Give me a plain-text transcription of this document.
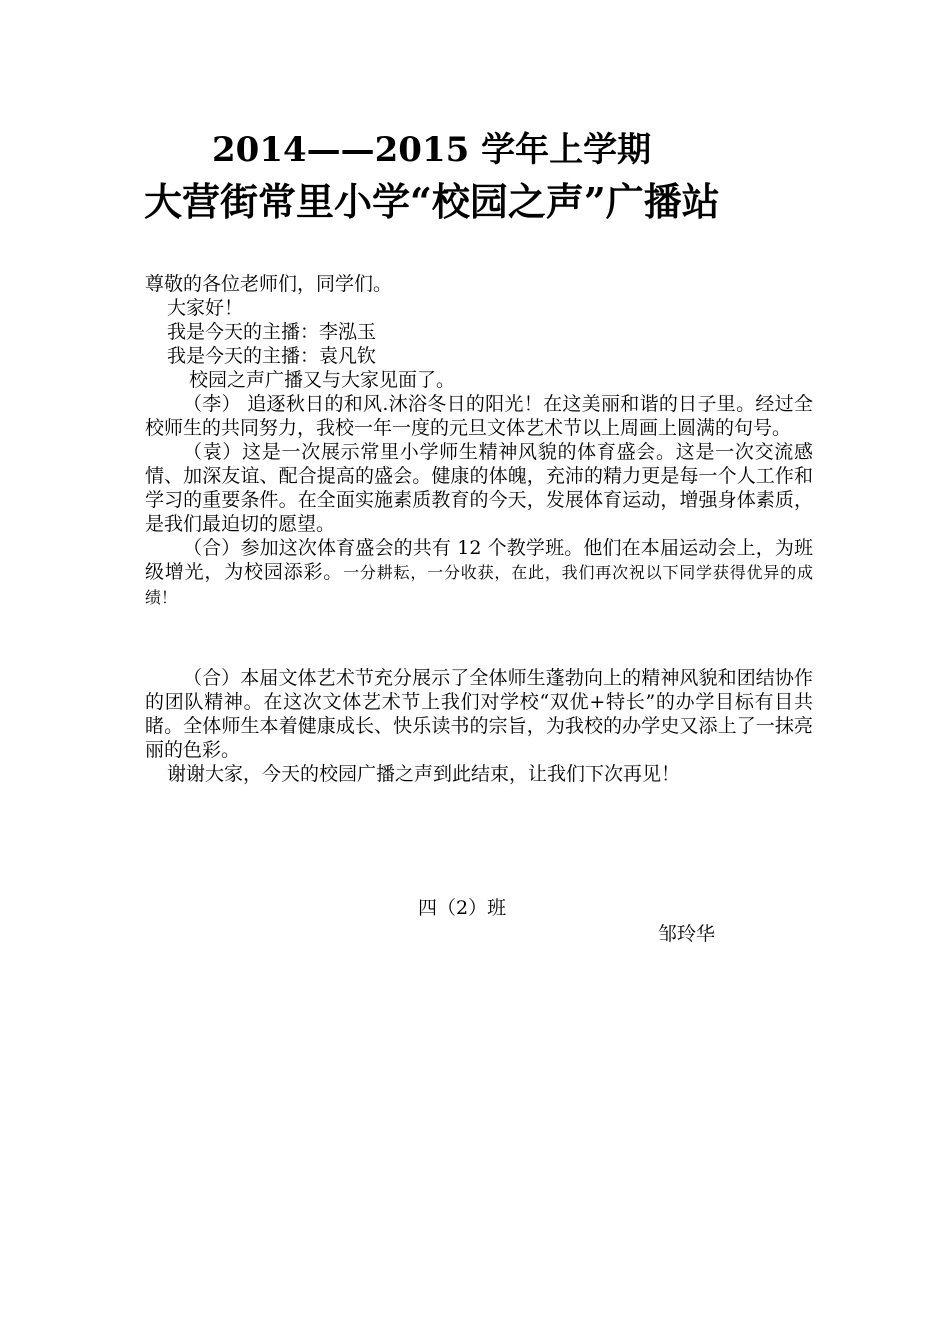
2014——2015 学年上学期
大营街常里小学“校园之声”广播站
尊敬的各位老师们，同学们。
大家好！
我是今天的主播：李泓玉
我是今天的主播：袁凡钦
校园之声广播又与大家见面了。

（李） 追逐秋日的和风.沐浴冬日的阳光！在这美丽和谐的日子里。经过全校师生的共同努力，我校一年一度的元旦文体艺术节以上周画上圆满的句号。

（袁）这是一次展示常里小学师生精神风貌的体育盛会。这是一次交流感情、加深友谊、配合提高的盛会。健康的体魄，充沛的精力更是每一个人工作和学习的重要条件。在全面实施素质教育的今天，发展体育运动，增强身体素质，是我们最迫切的愿望。

（合）参加这次体育盛会的共有 12 个教学班。他们在本届运动会上，为班级增光，为校园添彩。一分耕耘，一分收获，在此，我们再次祝以下同学获得优异的成绩！

（合）本届文体艺术节充分展示了全体师生蓬勃向上的精神风貌和团结协作的团队精神。在这次文体艺术节上我们对学校“双优+特长”的办学目标有目共睹。全体师生本着健康成长、快乐读书的宗旨，为我校的办学史又添上了一抹亮丽的色彩。

谢谢大家，今天的校园广播之声到此结束，让我们下次再见！
四（2）班
邹玲华
